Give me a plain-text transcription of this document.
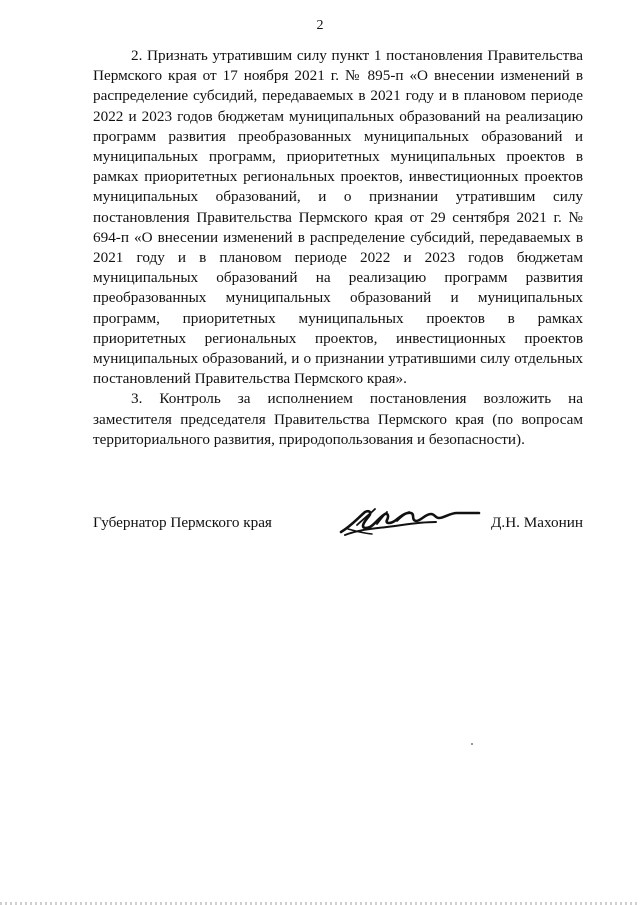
2

2. Признать утратившим силу пункт 1 постановления Правительства Пермского края от 17 ноября 2021 г. № 895-п «О внесении изменений в распределение субсидий, передаваемых в 2021 году и в плановом периоде 2022 и 2023 годов бюджетам муниципальных образований на реализацию программ развития преобразованных муниципальных образований и муниципальных программ, приоритетных муниципальных проектов в рамках приоритетных региональных проектов, инвестиционных проектов муниципальных образований, и о признании утратившим силу постановления Правительства Пермского края от 29 сентября 2021 г. № 694-п «О внесении изменений в распределение субсидий, передаваемых в 2021 году и в плановом периоде 2022 и 2023 годов бюджетам муниципальных образований на реализацию программ развития преобразованных муниципальных образований и муниципальных программ, приоритетных муниципальных проектов в рамках приоритетных региональных проектов, инвестиционных проектов муниципальных образований, и о признании утратившими силу отдельных постановлений Правительства Пермского края».

3. Контроль за исполнением постановления возложить на заместителя председателя Правительства Пермского края (по вопросам территориального развития, природопользования и безопасности).

Губернатор Пермского края	Д.Н. Махонин
